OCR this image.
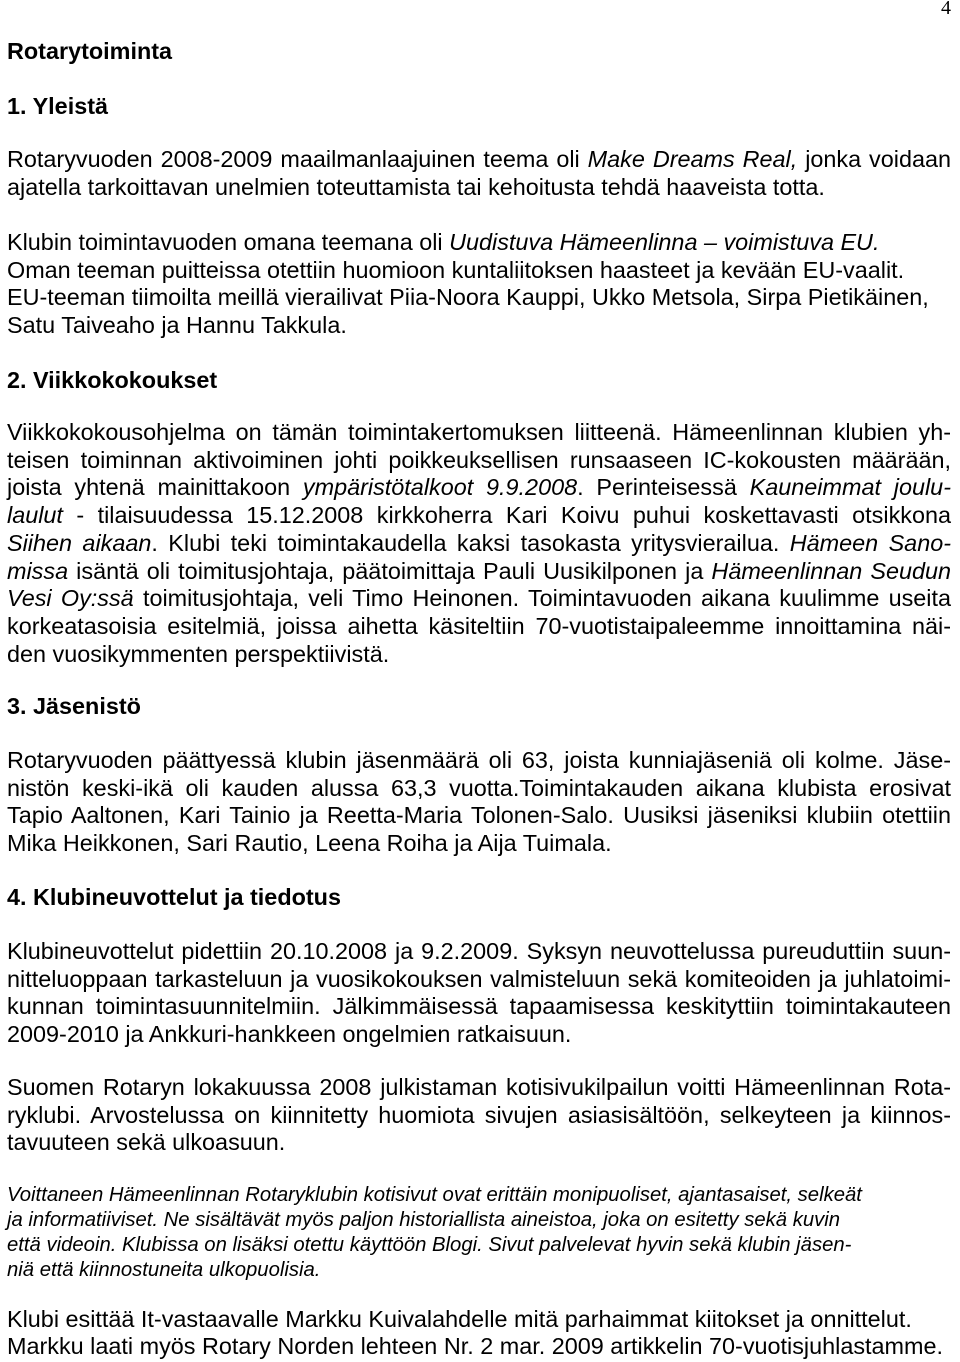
4
Rotarytoiminta
1. Yleistä
Rotaryvuoden 2008-2009 maailmanlaajuinen teema oli Make Dreams Real, jonka voidaan
ajatella tarkoittavan unelmien toteuttamista tai kehoitusta tehdä haaveista totta.
Klubin toimintavuoden omana teemana oli Uudistuva Hämeenlinna – voimistuva EU.
Oman teeman puitteissa otettiin huomioon kuntaliitoksen haasteet ja kevään EU-vaalit.
EU-teeman tiimoilta meillä vierailivat Piia-Noora Kauppi, Ukko Metsola, Sirpa Pietikäinen,
Satu Taiveaho ja Hannu Takkula.
2. Viikkokokoukset
Viikkokokousohjelma on tämän toimintakertomuksen liitteenä. Hämeenlinnan klubien yh-
teisen toiminnan aktivoiminen johti poikkeuksellisen runsaaseen IC-kokousten määrään,
joista yhtenä mainittakoon ympäristötalkoot 9.9.2008. Perinteisessä Kauneimmat joulu-
laulut - tilaisuudessa 15.12.2008 kirkkoherra Kari Koivu puhui koskettavasti otsikkona
Siihen aikaan. Klubi teki toimintakaudella kaksi tasokasta yritysvierailua. Hämeen Sano-
missa isäntä oli toimitusjohtaja, päätoimittaja Pauli Uusikilponen ja Hämeenlinnan Seudun
Vesi Oy:ssä toimitusjohtaja, veli Timo Heinonen. Toimintavuoden aikana kuulimme useita
korkeatasoisia esitelmiä, joissa aihetta käsiteltiin 70-vuotistaipaleemme innoittamina näi-
den vuosikymmenten perspektiivistä.
3. Jäsenistö
Rotaryvuoden päättyessä klubin jäsenmäärä oli 63, joista kunniajäseniä oli kolme. Jäse-
nistön keski-ikä oli kauden alussa 63,3 vuotta.Toimintakauden aikana klubista erosivat
Tapio Aaltonen, Kari Tainio ja Reetta-Maria Tolonen-Salo. Uusiksi jäseniksi klubiin otettiin
Mika Heikkonen, Sari Rautio, Leena Roiha ja Aija Tuimala.
4. Klubineuvottelut ja tiedotus
Klubineuvottelut pidettiin 20.10.2008 ja 9.2.2009. Syksyn neuvottelussa pureuduttiin suun-
nitteluoppaan tarkasteluun ja vuosikokouksen valmisteluun sekä komiteoiden ja juhlatoimi-
kunnan toimintasuunnitelmiin. Jälkimmäisessä tapaamisessa keskityttiin toimintakauteen
2009-2010 ja Ankkuri-hankkeen ongelmien ratkaisuun.
Suomen Rotaryn lokakuussa 2008 julkistaman kotisivukilpailun voitti Hämeenlinnan Rota-
ryklubi. Arvostelussa on kiinnitetty huomiota sivujen asiasisältöön, selkeyteen ja kiinnos-
tavuuteen sekä ulkoasuun.
Voittaneen Hämeenlinnan Rotaryklubin kotisivut ovat erittäin monipuoliset, ajantasaiset, selkeät
ja informatiiviset. Ne sisältävät myös paljon historiallista aineistoa, joka on esitetty sekä kuvin
että videoin. Klubissa on lisäksi otettu käyttöön Blogi. Sivut palvelevat hyvin sekä klubin jäsen-
niä että kiinnostuneita ulkopuolisia.
Klubi esittää It-vastaavalle Markku Kuivalahdelle mitä parhaimmat kiitokset ja onnittelut.
Markku laati myös Rotary Norden lehteen Nr. 2 mar. 2009 artikkelin 70-vuotisjuhlastamme.
